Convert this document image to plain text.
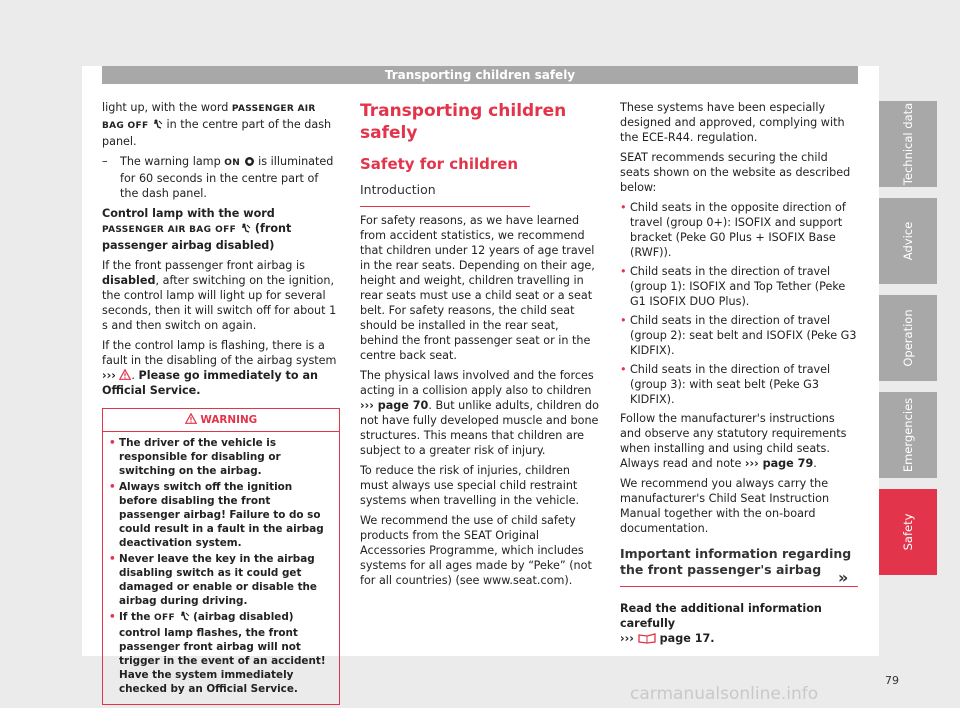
Transporting children safely

light up, with the word PASSENGER AIR BAG OFF  in the centre part of the dash panel.

–	The warning lamp ON  is illuminated for 60 seconds in the centre part of the dash panel.

Control lamp with the word PASSENGER AIR BAG OFF  (front passenger airbag disabled)

If the front passenger front airbag is disabled, after switching on the ignition, the control lamp will light up for several seconds, then it will switch off for about 1 s and then switch on again.

If the control lamp is flashing, there is a fault in the disabling of the airbag system ››› . Please go immediately to an Official Service.

WARNING
• The driver of the vehicle is responsible for disabling or switching on the airbag.
• Always switch off the ignition before disabling the front passenger airbag! Failure to do so could result in a fault in the airbag deactivation system.
• Never leave the key in the airbag disabling switch as it could get damaged or enable or disable the airbag during driving.
• If the OFF  (airbag disabled) control lamp flashes, the front passenger front airbag will not trigger in the event of an accident! Have the system immediately checked by an Official Service.
Transporting children safely
Safety for children
Introduction

For safety reasons, as we have learned from accident statistics, we recommend that children under 12 years of age travel in the rear seats. Depending on their age, height and weight, children travelling in rear seats must use a child seat or a seat belt. For safety reasons, the child seat should be installed in the rear seat, behind the front passenger seat or in the centre back seat.

The physical laws involved and the forces acting in a collision apply also to children ››› page 70. But unlike adults, children do not have fully developed muscle and bone structures. This means that children are subject to a greater risk of injury.

To reduce the risk of injuries, children must always use special child restraint systems when travelling in the vehicle.

We recommend the use of child safety products from the SEAT Original Accessories Programme, which includes systems for all ages made by “Peke” (not for all countries) (see www.seat.com).

These systems have been especially designed and approved, complying with the ECE-R44. regulation.

SEAT recommends securing the child seats shown on the website as described below:

• Child seats in the opposite direction of travel (group 0+): ISOFIX and support bracket (Peke G0 Plus + ISOFIX Base (RWF)).
• Child seats in the direction of travel (group 1): ISOFIX and Top Tether (Peke G1 ISOFIX DUO Plus).
• Child seats in the direction of travel (group 2): seat belt and ISOFIX (Peke G3 KIDFIX).
• Child seats in the direction of travel (group 3): with seat belt (Peke G3 KIDFIX).

Follow the manufacturer's instructions and observe any statutory requirements when installing and using child seats. Always read and note ››› page 79.

We recommend you always carry the manufacturer's Child Seat Instruction Manual together with the on-board documentation.

Important information regarding the front passenger's airbag

Read the additional information carefully
››› page 17.

»
Technical data
Advice
Operation
Emergencies
Safety
79
carmanualsonline.info
